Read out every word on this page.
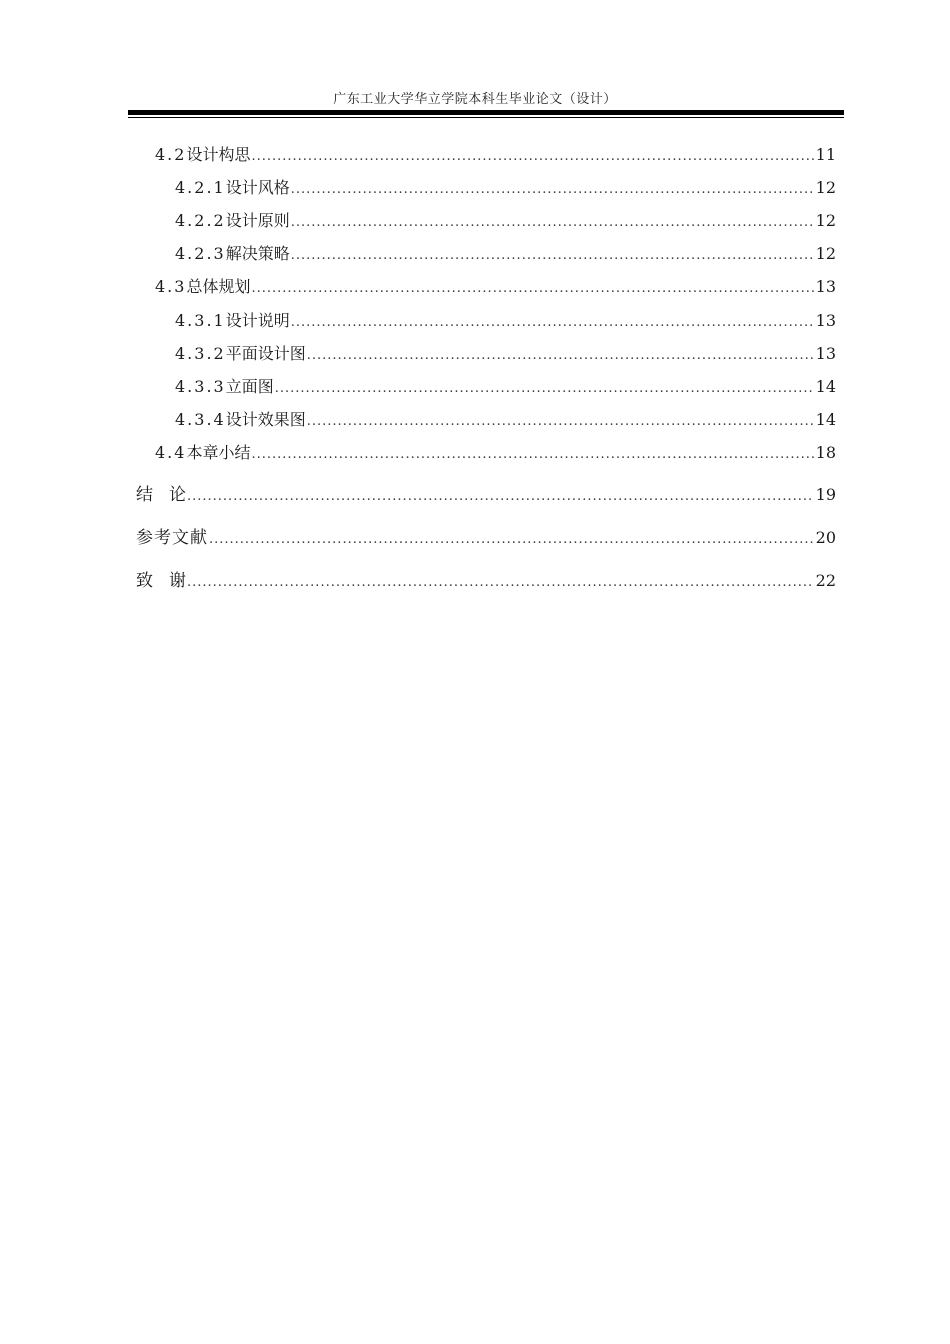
广东工业大学华立学院本科生毕业论文（设计）
4.2 设计构思 .....	11
4.2.1 设计风格 .....	12
4.2.2 设计原则 .....	12
4.2.3 解决策略 .....	12
4.3 总体规划 .....	13
4.3.1 设计说明 .....	13
4.3.2 平面设计图 .....	13
4.3.3 立面图 .....	14
4.3.4 设计效果图 .....	14
4.4 本章小结 .....	18
结论 .....	19
参考文献 .....	20
致谢 .....	22
